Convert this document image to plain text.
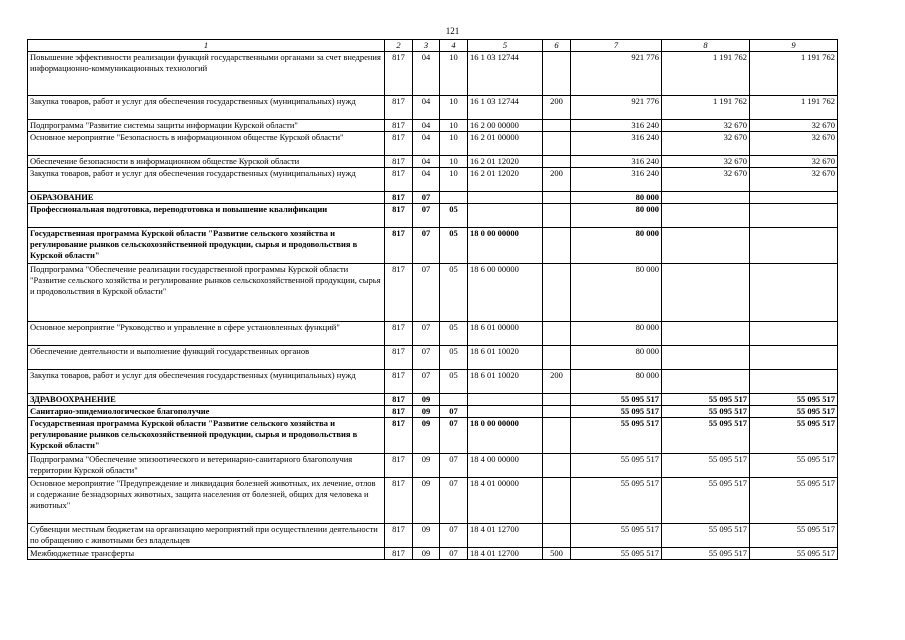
121
1	2	3	4	5	6	7	8	9
Повышение эффективности реализации функций государственными органами за счет внедрения информационно-коммуникационных технологий	817	04	10	16 1 03 12744		921 776	1 191 762	1 191 762
Закупка товаров, работ и услуг для обеспечения государственных (муниципальных) нужд	817	04	10	16 1 03 12744	200	921 776	1 191 762	1 191 762
Подпрограмма "Развитие системы защиты информации Курской области"	817	04	10	16 2 00 00000		316 240	32 670	32 670
Основное мероприятие "Безопасность в информационном обществе Курской области"	817	04	10	16 2 01 00000		316 240	32 670	32 670
Обеспечение безопасности в информационном обществе Курской области	817	04	10	16 2 01 12020		316 240	32 670	32 670
Закупка товаров, работ и услуг для обеспечения государственных (муниципальных) нужд	817	04	10	16 2 01 12020	200	316 240	32 670	32 670
ОБРАЗОВАНИЕ	817	07				80 000		
Профессиональная подготовка, переподготовка и повышение квалификации	817	07	05			80 000		
Государственная программа Курской области "Развитие сельского хозяйства и регулирование рынков сельскохозяйственной продукции, сырья и продовольствия в Курской области"	817	07	05	18 0 00 00000		80 000		
Подпрограмма "Обеспечение реализации государственной программы Курской области "Развитие сельского хозяйства и регулирование рынков сельскохозяйственной продукции, сырья и продовольствия в Курской области"	817	07	05	18 6 00 00000		80 000		
Основное мероприятие "Руководство и управление в сфере установленных функций"	817	07	05	18 6 01 00000		80 000		
Обеспечение деятельности и выполнение функций государственных органов	817	07	05	18 6 01 10020		80 000		
Закупка товаров, работ и услуг для обеспечения государственных (муниципальных) нужд	817	07	05	18 6 01 10020	200	80 000		
ЗДРАВООХРАНЕНИЕ	817	09				55 095 517	55 095 517	55 095 517
Санитарно-эпидемиологическое благополучие	817	09	07			55 095 517	55 095 517	55 095 517
Государственная программа Курской области "Развитие сельского хозяйства и регулирование рынков сельскохозяйственной продукции, сырья и продовольствия в Курской области"	817	09	07	18 0 00 00000		55 095 517	55 095 517	55 095 517
Подпрограмма "Обеспечение эпизоотического и ветеринарно-санитарного благополучия территории Курской области"	817	09	07	18 4 00 00000		55 095 517	55 095 517	55 095 517
Основное мероприятие "Предупреждение и ликвидация болезней животных, их лечение, отлов и содержание безнадзорных животных, защита населения от болезней, общих для человека и животных"	817	09	07	18 4 01 00000		55 095 517	55 095 517	55 095 517
Субвенции местным бюджетам на организацию мероприятий при осуществлении деятельности по обращению с животными без владельцев	817	09	07	18 4 01 12700		55 095 517	55 095 517	55 095 517
Межбюджетные трансферты	817	09	07	18 4 01 12700	500	55 095 517	55 095 517	55 095 517
